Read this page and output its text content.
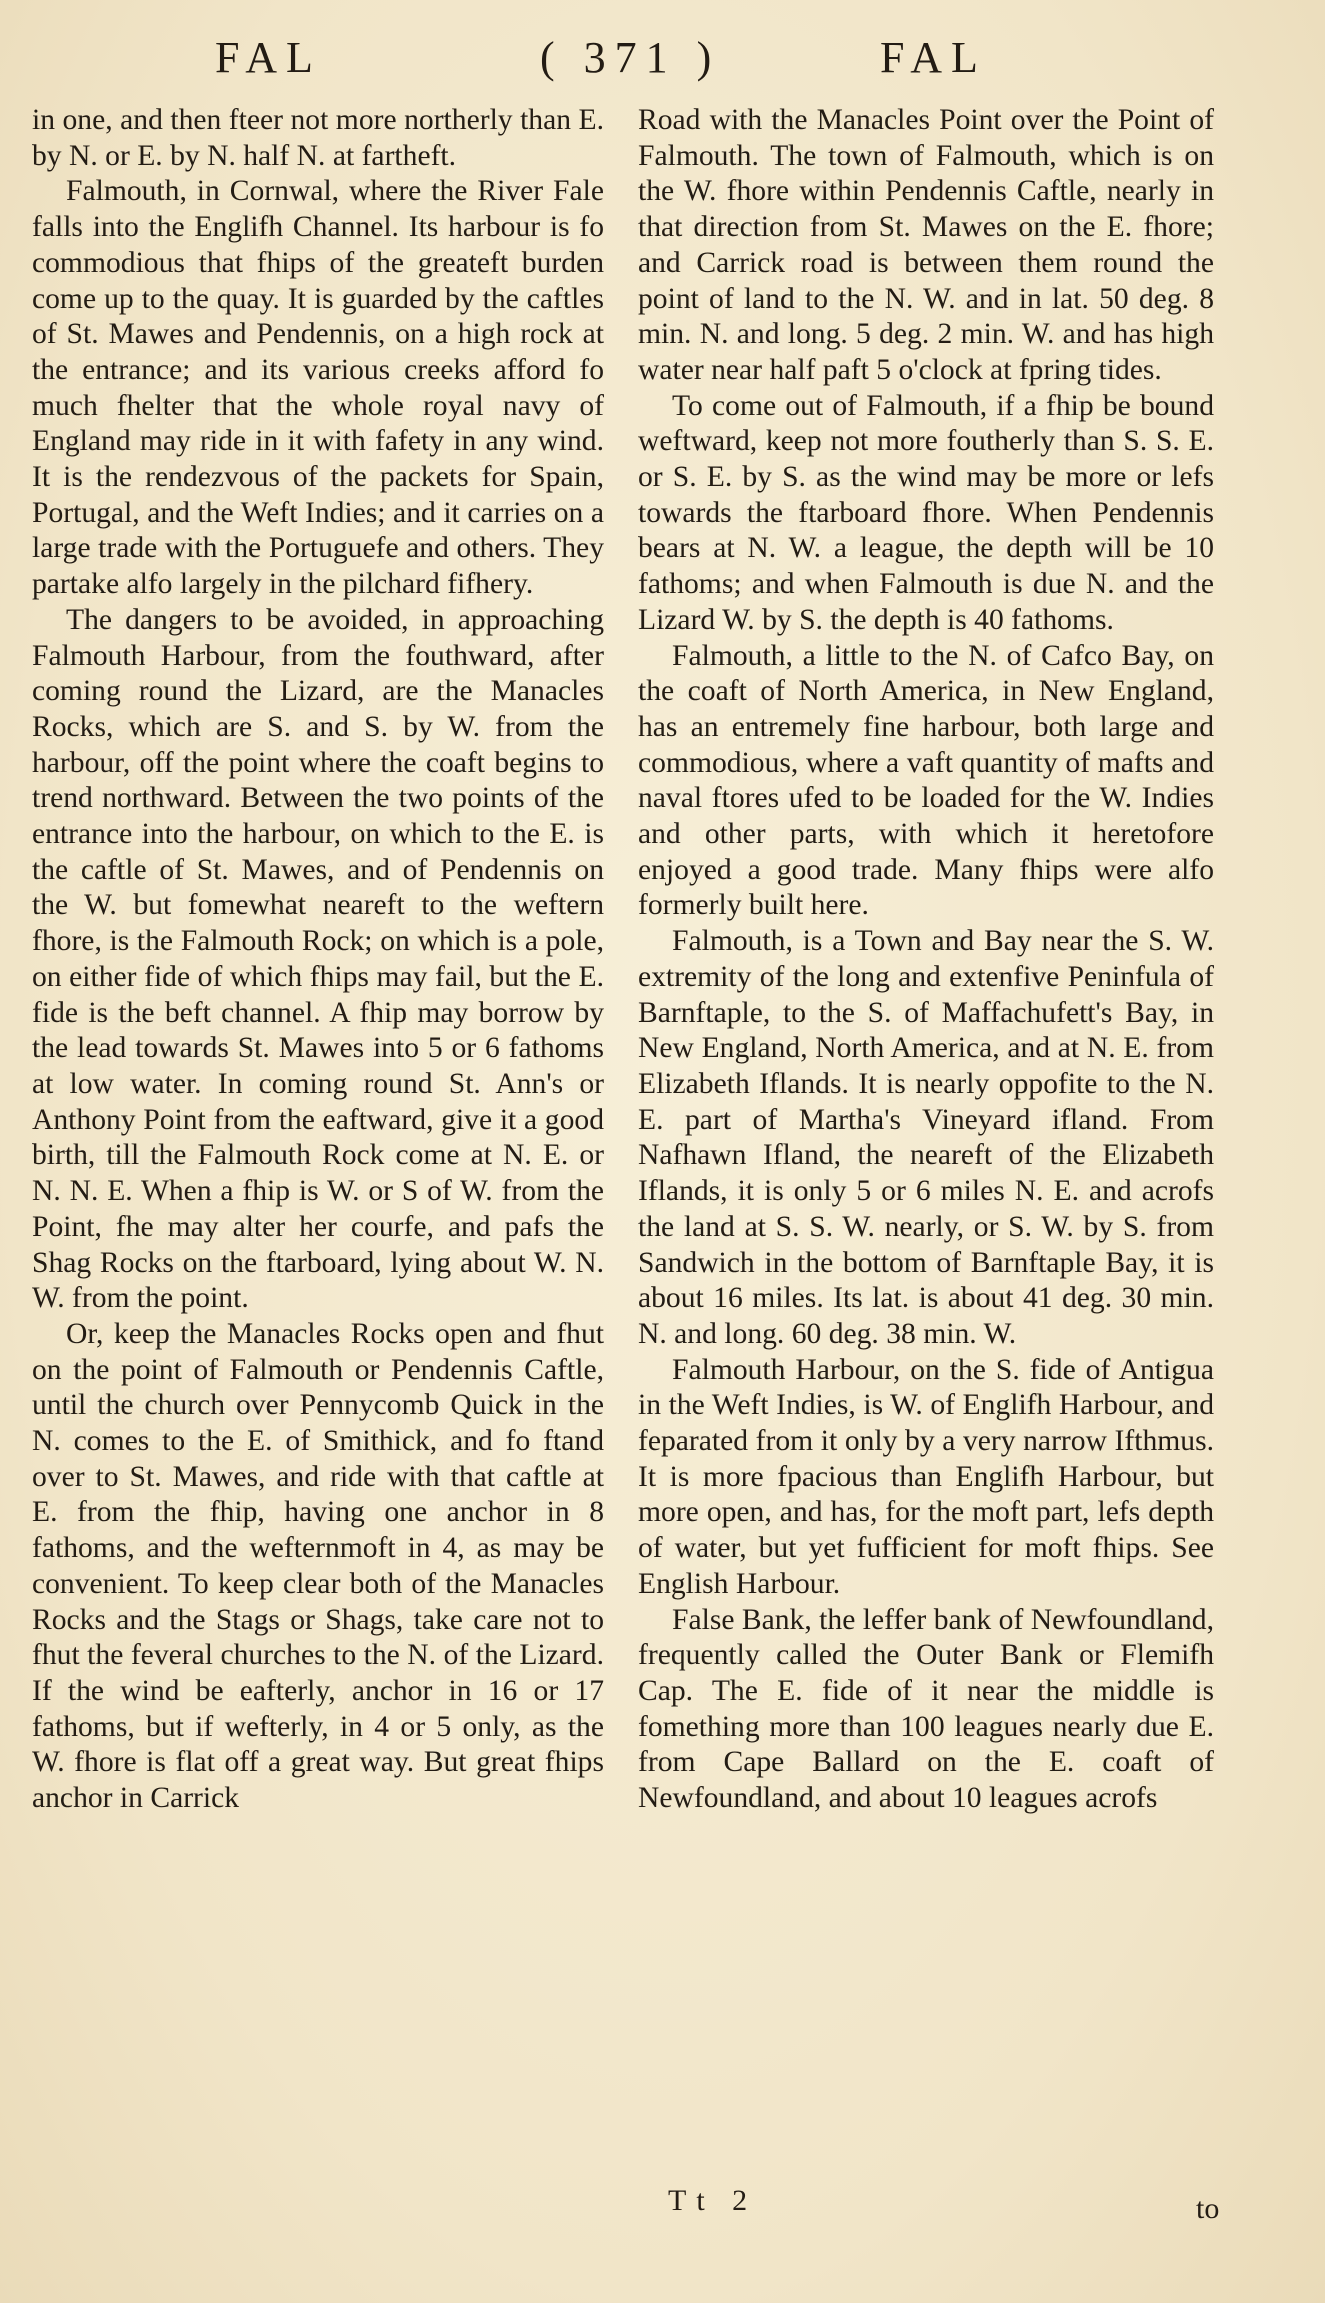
FAL	( 371 )	FAL

in one, and then fteer not more northerly than E. by N. or E. by N. half N. at fartheft.

Falmouth, in Cornwal, where the River Fale falls into the Englifh Channel. Its harbour is fo commodious that fhips of the greateft burden come up to the quay. It is guarded by the caftles of St. Mawes and Pendennis, on a high rock at the entrance; and its various creeks afford fo much fhelter that the whole royal navy of England may ride in it with fafety in any wind. It is the rendezvous of the packets for Spain, Portugal, and the Weft Indies; and it carries on a large trade with the Portuguefe and others. They partake alfo largely in the pilchard fifhery.

The dangers to be avoided, in approaching Falmouth Harbour, from the fouthward, after coming round the Lizard, are the Manacles Rocks, which are S. and S. by W. from the harbour, off the point where the coaft begins to trend northward. Between the two points of the entrance into the harbour, on which to the E. is the caftle of St. Mawes, and of Pendennis on the W. but fomewhat neareft to the weftern fhore, is the Falmouth Rock; on which is a pole, on either fide of which fhips may fail, but the E. fide is the beft channel. A fhip may borrow by the lead towards St. Mawes into 5 or 6 fathoms at low water. In coming round St. Ann's or Anthony Point from the eaftward, give it a good birth, till the Falmouth Rock come at N. E. or N. N. E. When a fhip is W. or S of W. from the Point, fhe may alter her courfe, and pafs the Shag Rocks on the ftarboard, lying about W. N. W. from the point.

Or, keep the Manacles Rocks open and fhut on the point of Falmouth or Pendennis Caftle, until the church over Pennycomb Quick in the N. comes to the E. of Smithick, and fo ftand over to St. Mawes, and ride with that caftle at E. from the fhip, having one anchor in 8 fathoms, and the wefternmoft in 4, as may be convenient. To keep clear both of the Manacles Rocks and the Stags or Shags, take care not to fhut the feveral churches to the N. of the Lizard. If the wind be eafterly, anchor in 16 or 17 fathoms, but if wefterly, in 4 or 5 only, as the W. fhore is flat off a great way. But great fhips anchor in Carrick

Road with the Manacles Point over the Point of Falmouth. The town of Falmouth, which is on the W. fhore within Pendennis Caftle, nearly in that direction from St. Mawes on the E. fhore; and Carrick road is between them round the point of land to the N. W. and in lat. 50 deg. 8 min. N. and long. 5 deg. 2 min. W. and has high water near half paft 5 o'clock at fpring tides.

To come out of Falmouth, if a fhip be bound weftward, keep not more foutherly than S. S. E. or S. E. by S. as the wind may be more or lefs towards the ftarboard fhore. When Pendennis bears at N. W. a league, the depth will be 10 fathoms; and when Falmouth is due N. and the Lizard W. by S. the depth is 40 fathoms.

Falmouth, a little to the N. of Cafco Bay, on the coaft of North America, in New England, has an entremely fine harbour, both large and commodious, where a vaft quantity of mafts and naval ftores ufed to be loaded for the W. Indies and other parts, with which it heretofore enjoyed a good trade. Many fhips were alfo formerly built here.

Falmouth, is a Town and Bay near the S. W. extremity of the long and extenfive Peninfula of Barnftaple, to the S. of Maffachufett's Bay, in New England, North America, and at N. E. from Elizabeth Iflands. It is nearly oppofite to the N. E. part of Martha's Vineyard ifland. From Nafhawn Ifland, the neareft of the Elizabeth Iflands, it is only 5 or 6 miles N. E. and acrofs the land at S. S. W. nearly, or S. W. by S. from Sandwich in the bottom of Barnftaple Bay, it is about 16 miles. Its lat. is about 41 deg. 30 min. N. and long. 60 deg. 38 min. W.

Falmouth Harbour, on the S. fide of Antigua in the Weft Indies, is W. of Englifh Harbour, and feparated from it only by a very narrow Ifthmus. It is more fpacious than Englifh Harbour, but more open, and has, for the moft part, lefs depth of water, but yet fufficient for moft fhips. See English Harbour.

False Bank, the leffer bank of Newfoundland, frequently called the Outer Bank or Flemifh Cap. The E. fide of it near the middle is fomething more than 100 leagues nearly due E. from Cape Ballard on the E. coaft of Newfoundland, and about 10 leagues acrofs

Tt 2	to
